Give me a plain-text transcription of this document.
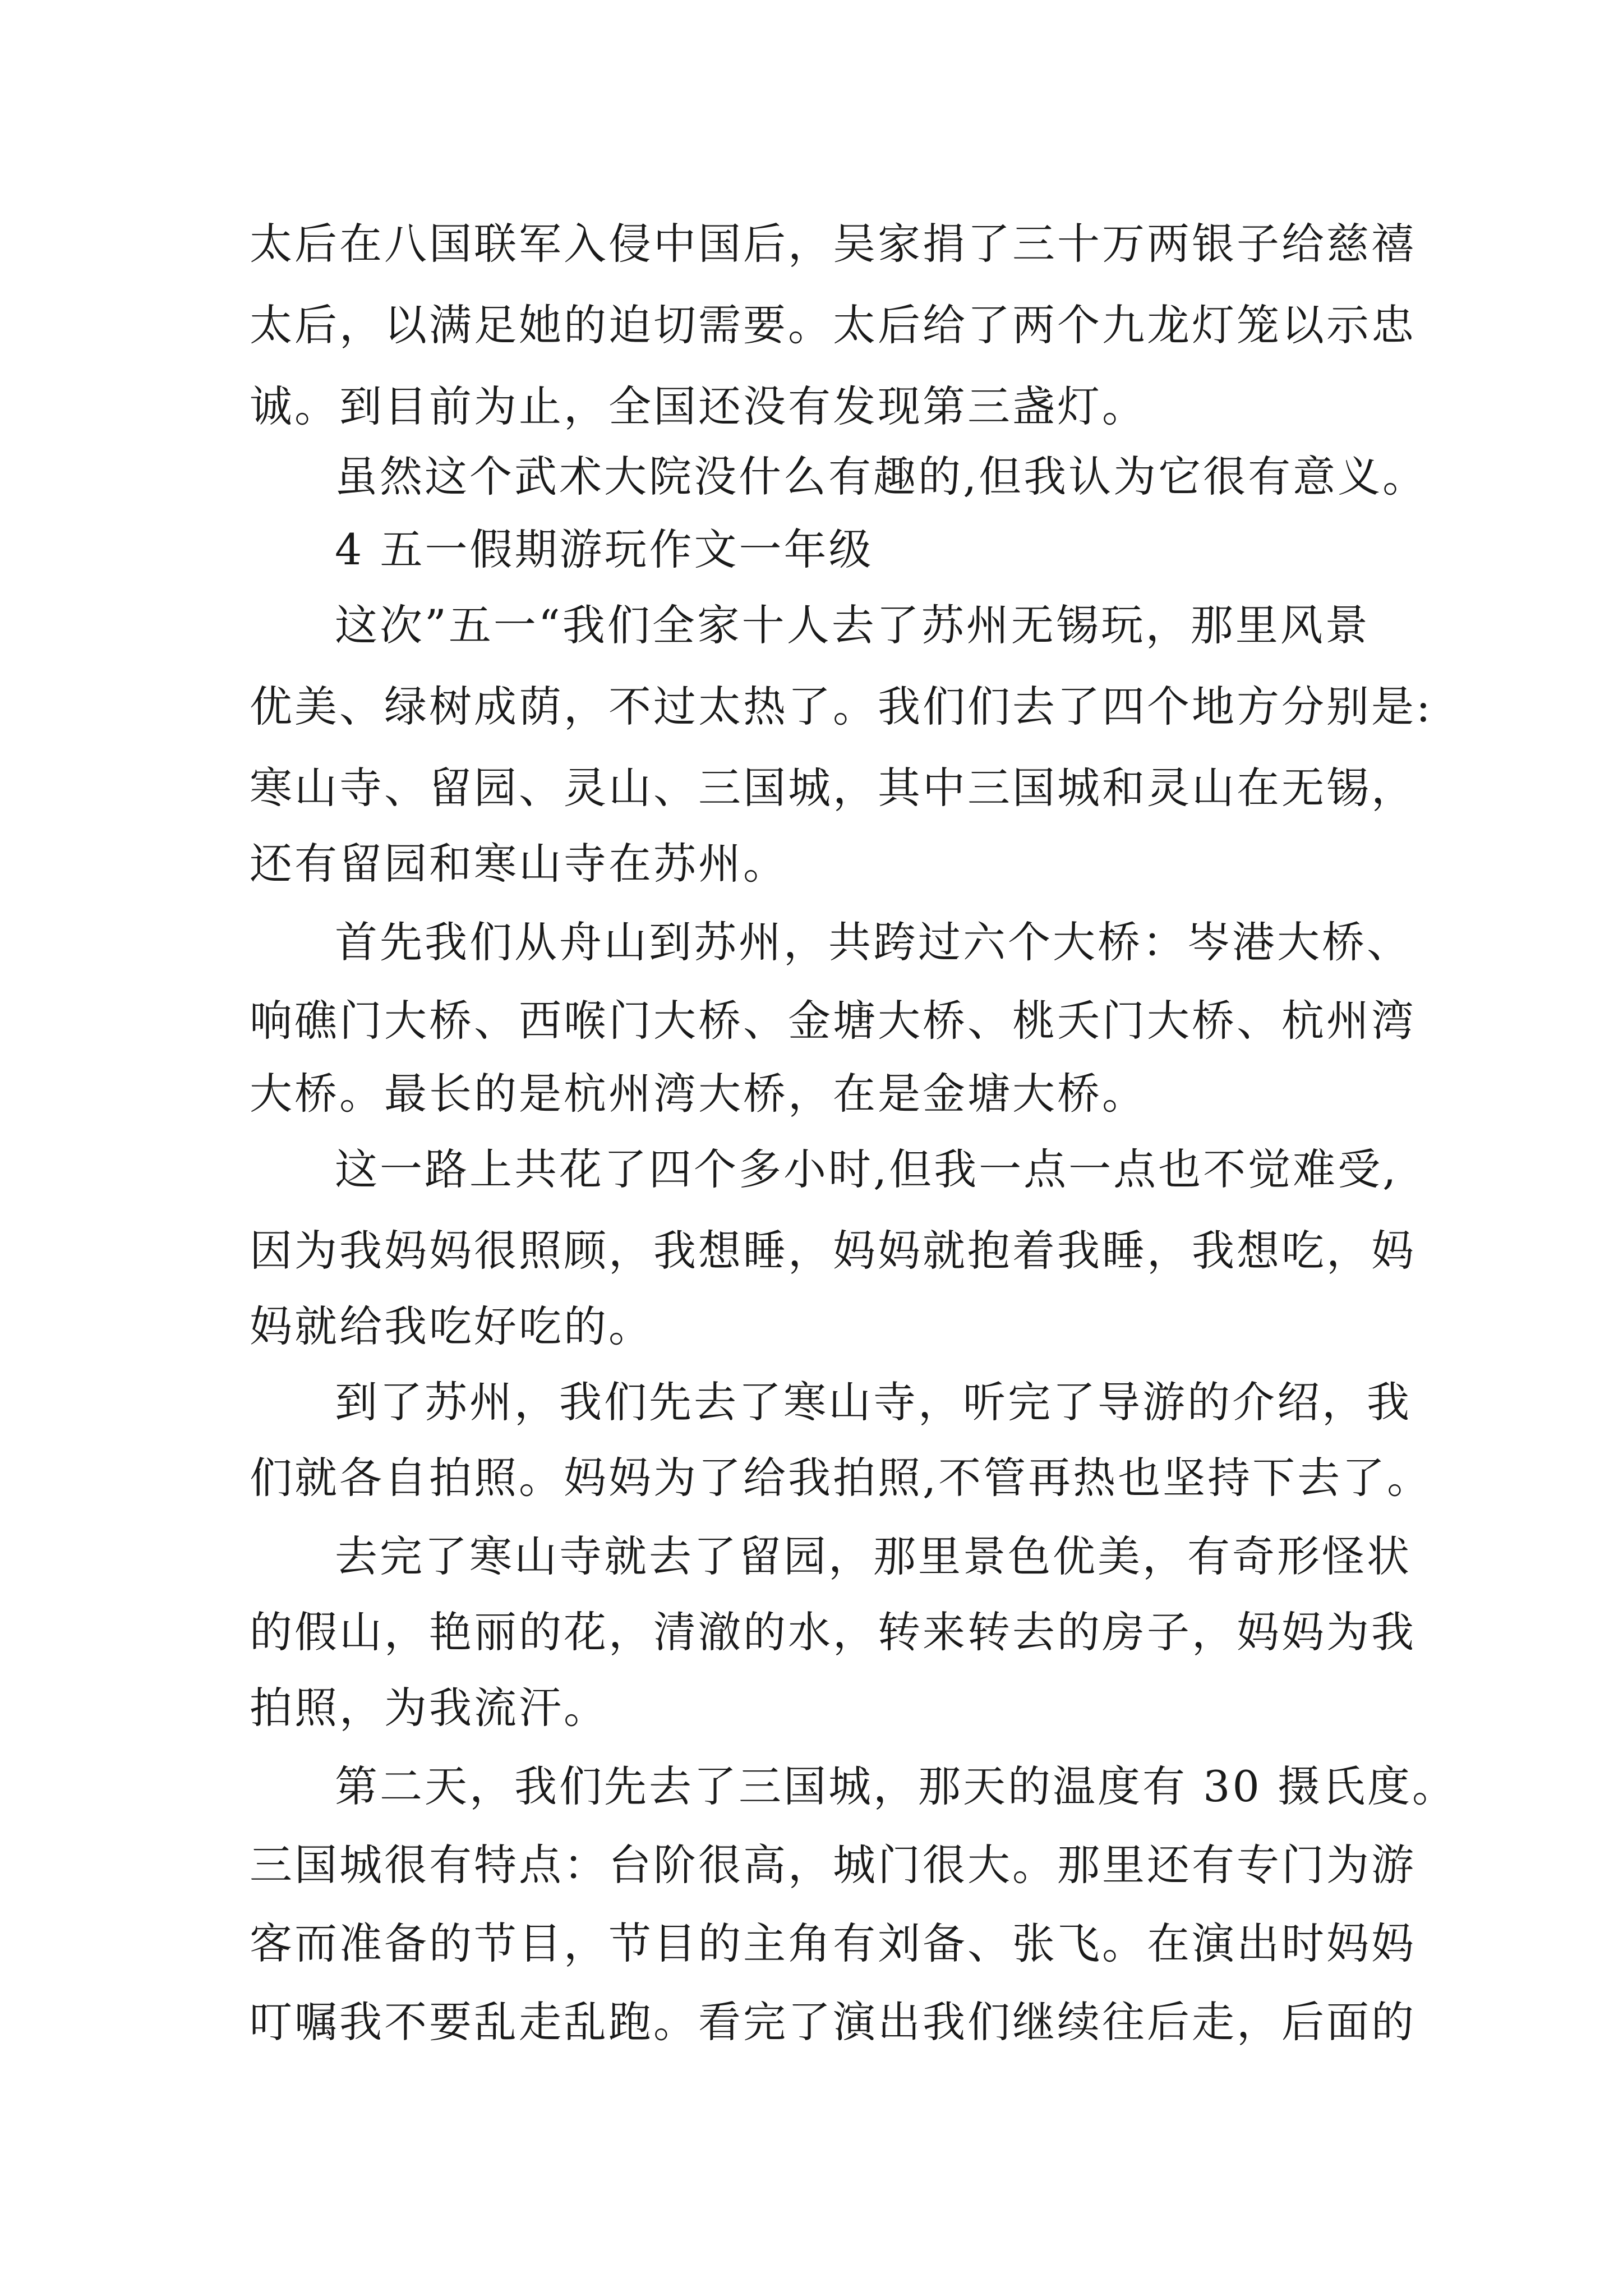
太后在八国联军入侵中国后，吴家捐了三十万两银子给慈禧
太后，以满足她的迫切需要。太后给了两个九龙灯笼以示忠
诚。到目前为止，全国还没有发现第三盏灯。
虽然这个武术大院没什么有趣的,但我认为它很有意义。
4 五一假期游玩作文一年级
这次”五一“我们全家十人去了苏州无锡玩，那里风景
优美、绿树成荫，不过太热了。我们们去了四个地方分别是:
寒山寺、留园、灵山、三国城，其中三国城和灵山在无锡，
还有留园和寒山寺在苏州。
首先我们从舟山到苏州，共跨过六个大桥：岑港大桥、
响礁门大桥、西喉门大桥、金塘大桥、桃夭门大桥、杭州湾
大桥。最长的是杭州湾大桥，在是金塘大桥。
这一路上共花了四个多小时,但我一点一点也不觉难受,
因为我妈妈很照顾，我想睡，妈妈就抱着我睡，我想吃，妈
妈就给我吃好吃的。
到了苏州，我们先去了寒山寺，听完了导游的介绍，我
们就各自拍照。妈妈为了给我拍照,不管再热也坚持下去了。
去完了寒山寺就去了留园，那里景色优美，有奇形怪状
的假山，艳丽的花，清澈的水，转来转去的房子，妈妈为我
拍照，为我流汗。
第二天，我们先去了三国城，那天的温度有 30 摄氏度。
三国城很有特点：台阶很高，城门很大。那里还有专门为游
客而准备的节目，节目的主角有刘备、张飞。在演出时妈妈
叮嘱我不要乱走乱跑。看完了演出我们继续往后走，后面的
